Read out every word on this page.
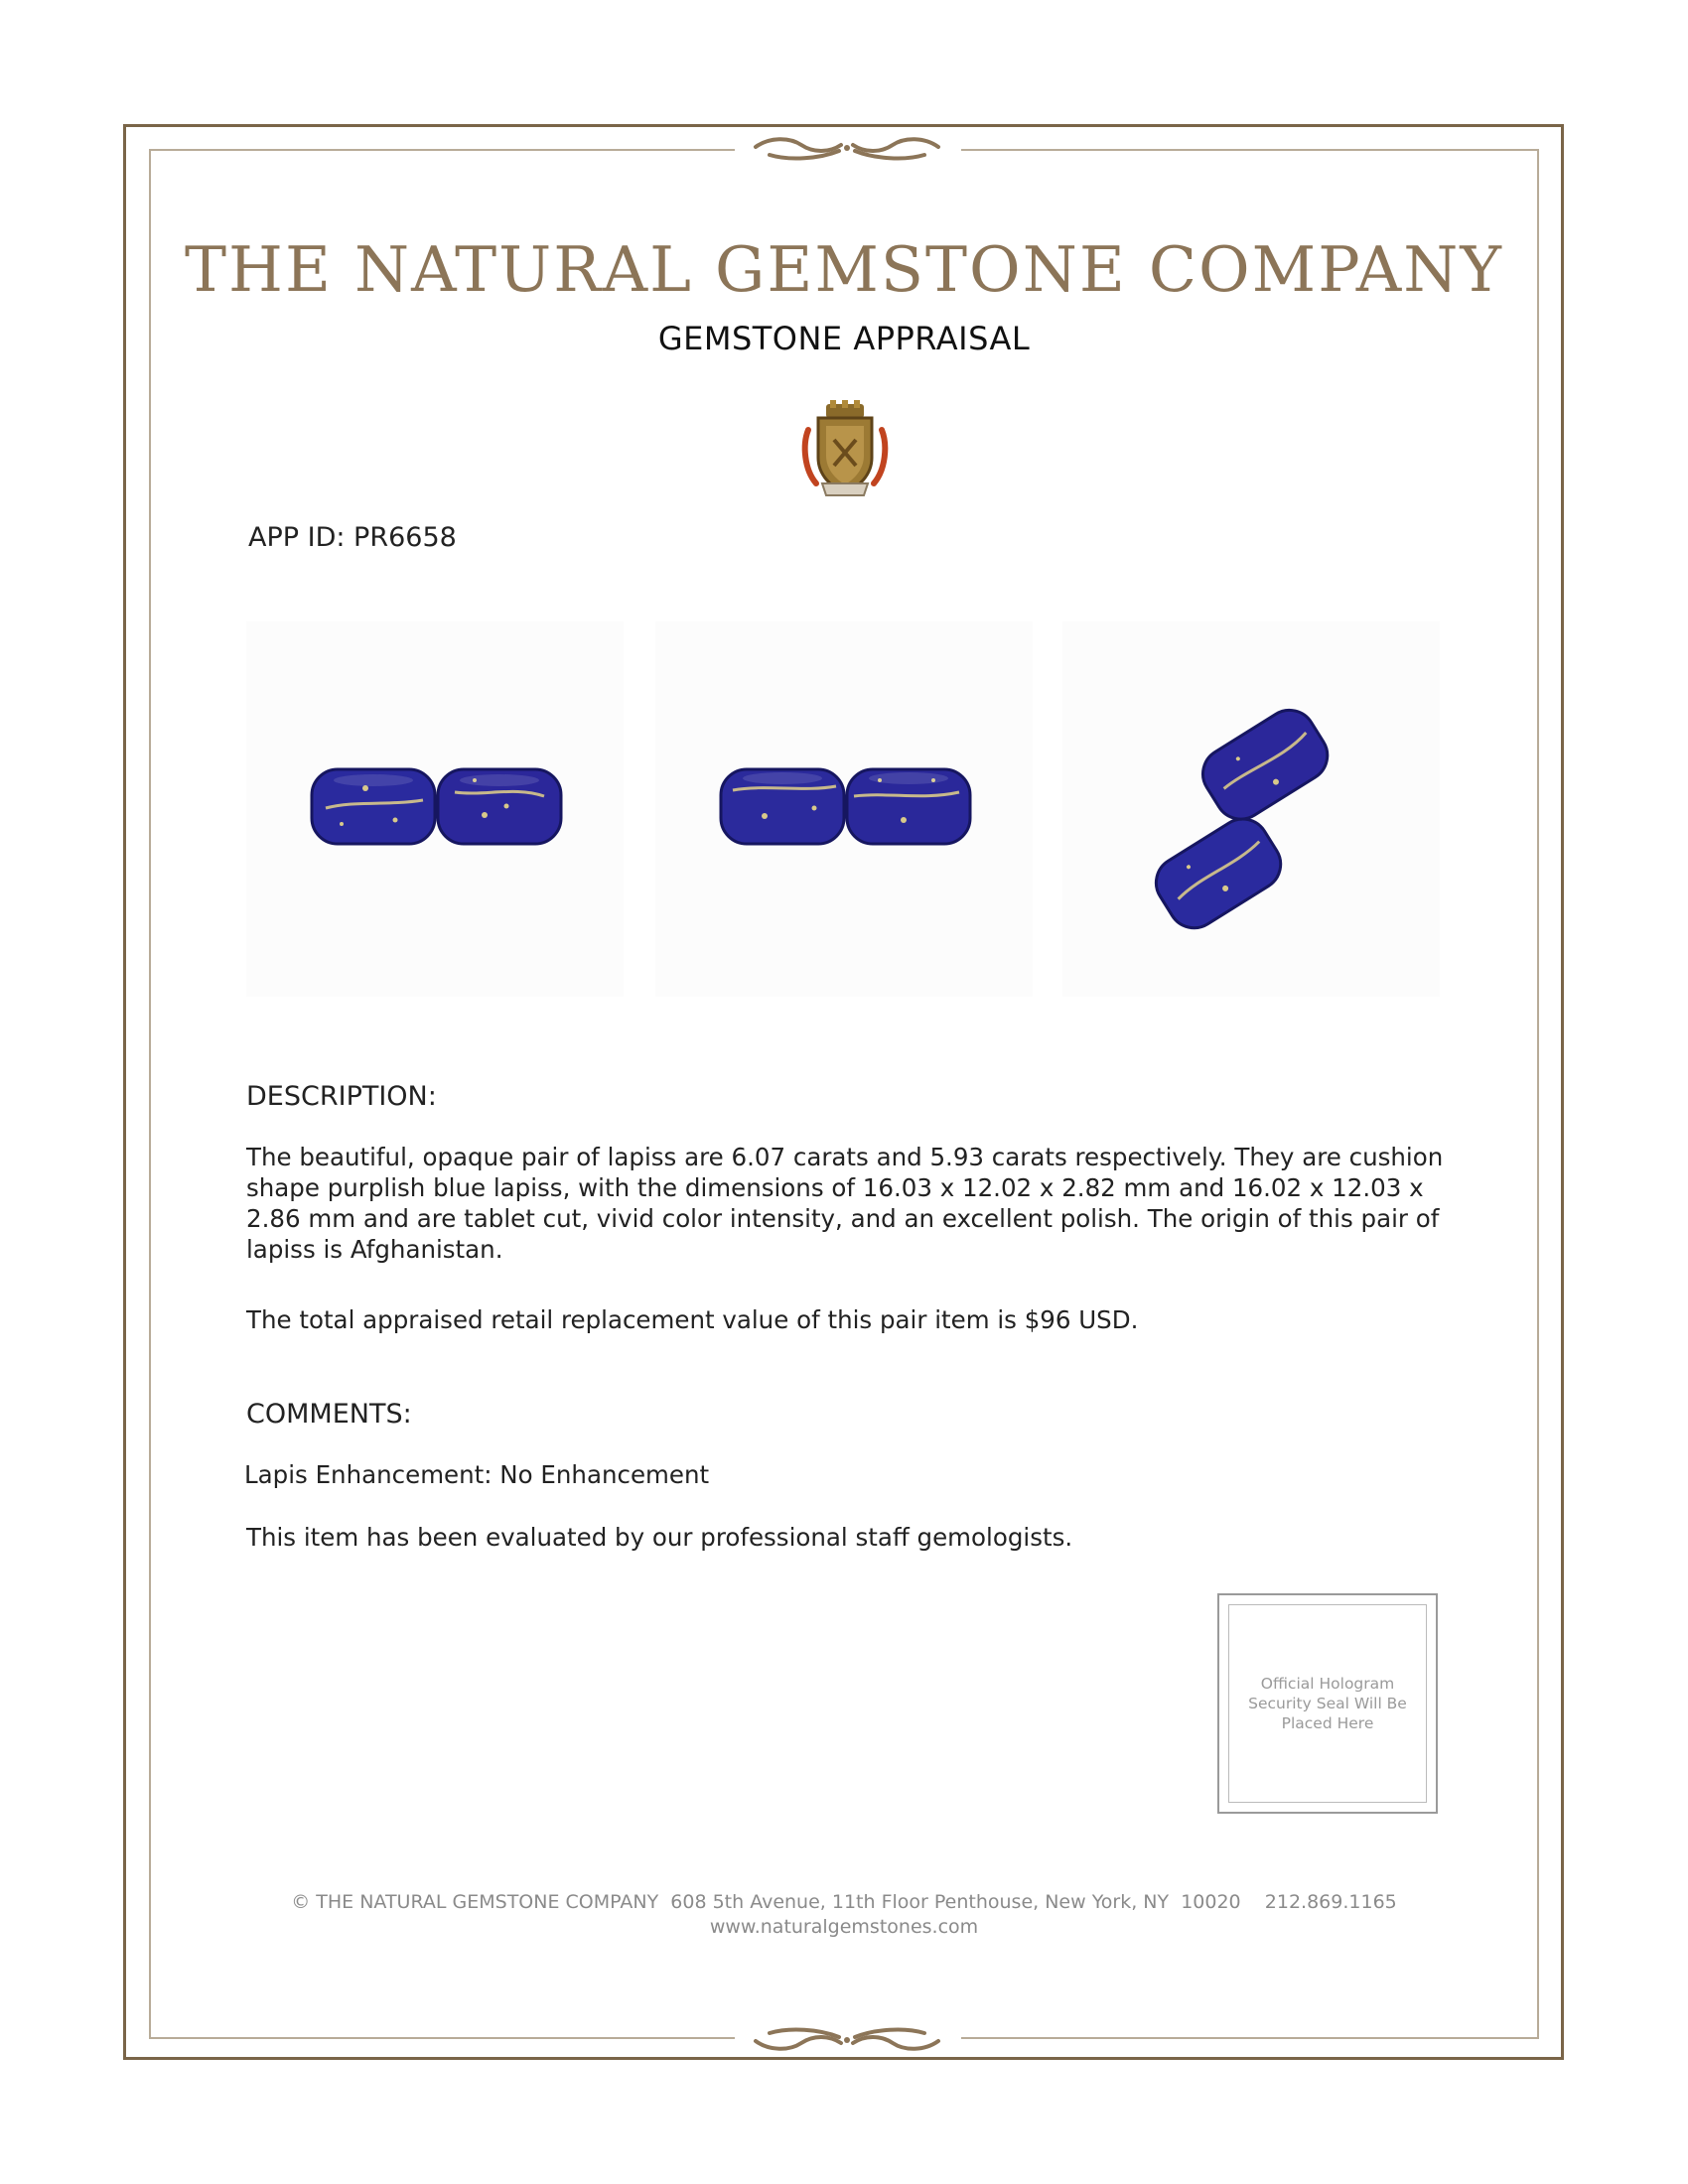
THE NATURAL GEMSTONE COMPANY
GEMSTONE APPRAISAL
APP ID: PR6658
DESCRIPTION:
The beautiful, opaque pair of lapiss are 6.07 carats and 5.93 carats respectively. They are cushion shape purplish blue lapiss, with the dimensions of 16.03 x 12.02 x 2.82 mm and 16.02 x 12.03 x 2.86 mm and are tablet cut, vivid color intensity, and an excellent polish. The origin of this pair of lapiss is Afghanistan.
The total appraised retail replacement value of this pair item is $96 USD.
COMMENTS:
Lapis Enhancement: No Enhancement
This item has been evaluated by our professional staff gemologists.
Official Hologram Security Seal Will Be Placed Here
© THE NATURAL GEMSTONE COMPANY  608 5th Avenue, 11th Floor Penthouse, New York, NY  10020    212.869.1165
www.naturalgemstones.com
